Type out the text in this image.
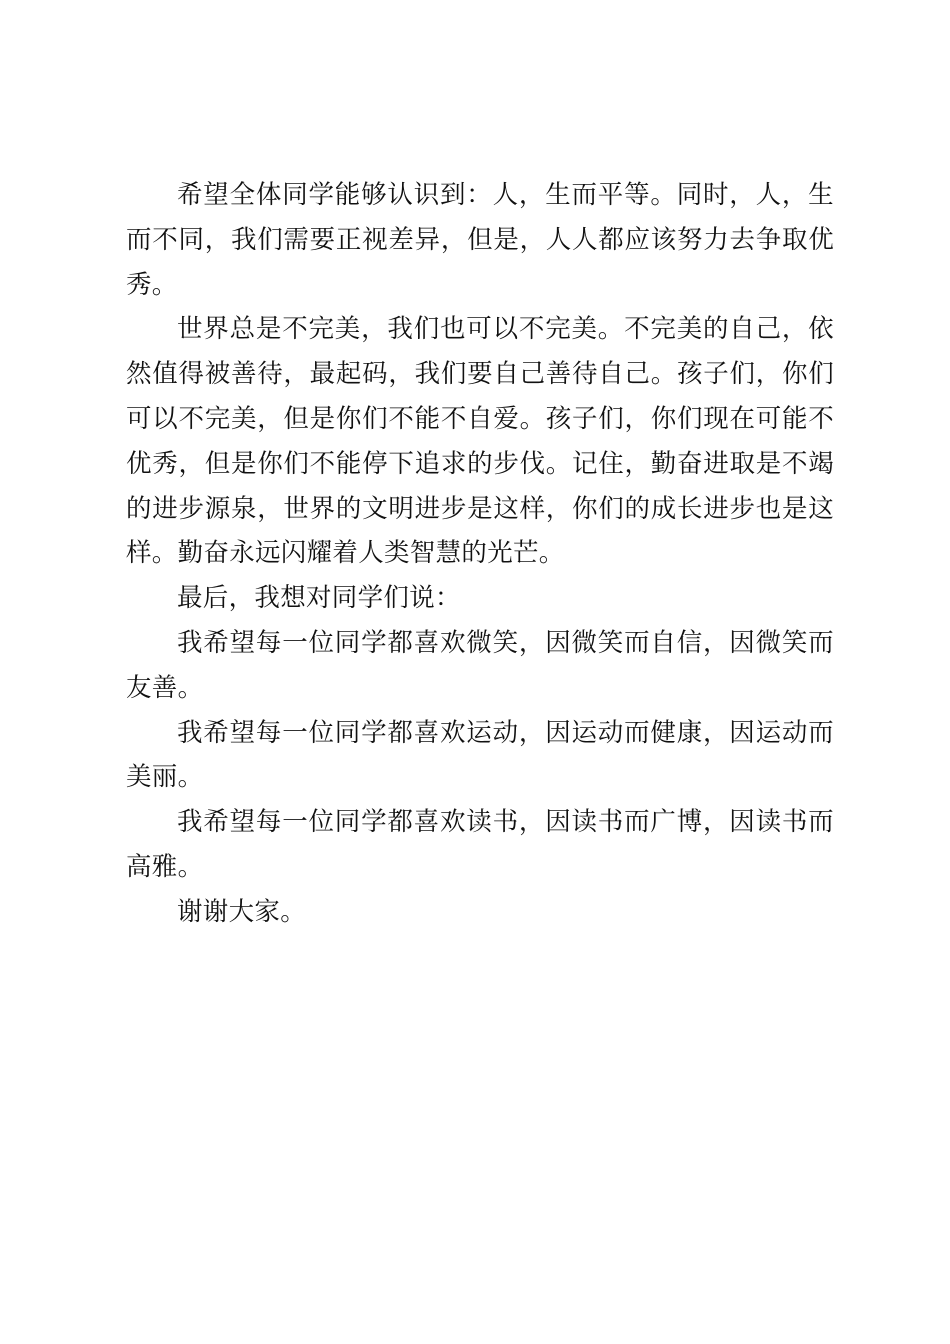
希望全体同学能够认识到：人，生而平等。同时，人，生而不同，我们需要正视差异，但是，人人都应该努力去争取优秀。

世界总是不完美，我们也可以不完美。不完美的自己，依然值得被善待，最起码，我们要自己善待自己。孩子们，你们可以不完美，但是你们不能不自爱。孩子们，你们现在可能不优秀，但是你们不能停下追求的步伐。记住，勤奋进取是不竭的进步源泉，世界的文明进步是这样，你们的成长进步也是这样。勤奋永远闪耀着人类智慧的光芒。

最后，我想对同学们说：

我希望每一位同学都喜欢微笑，因微笑而自信，因微笑而友善。

我希望每一位同学都喜欢运动，因运动而健康，因运动而美丽。

我希望每一位同学都喜欢读书，因读书而广博，因读书而高雅。

谢谢大家。
